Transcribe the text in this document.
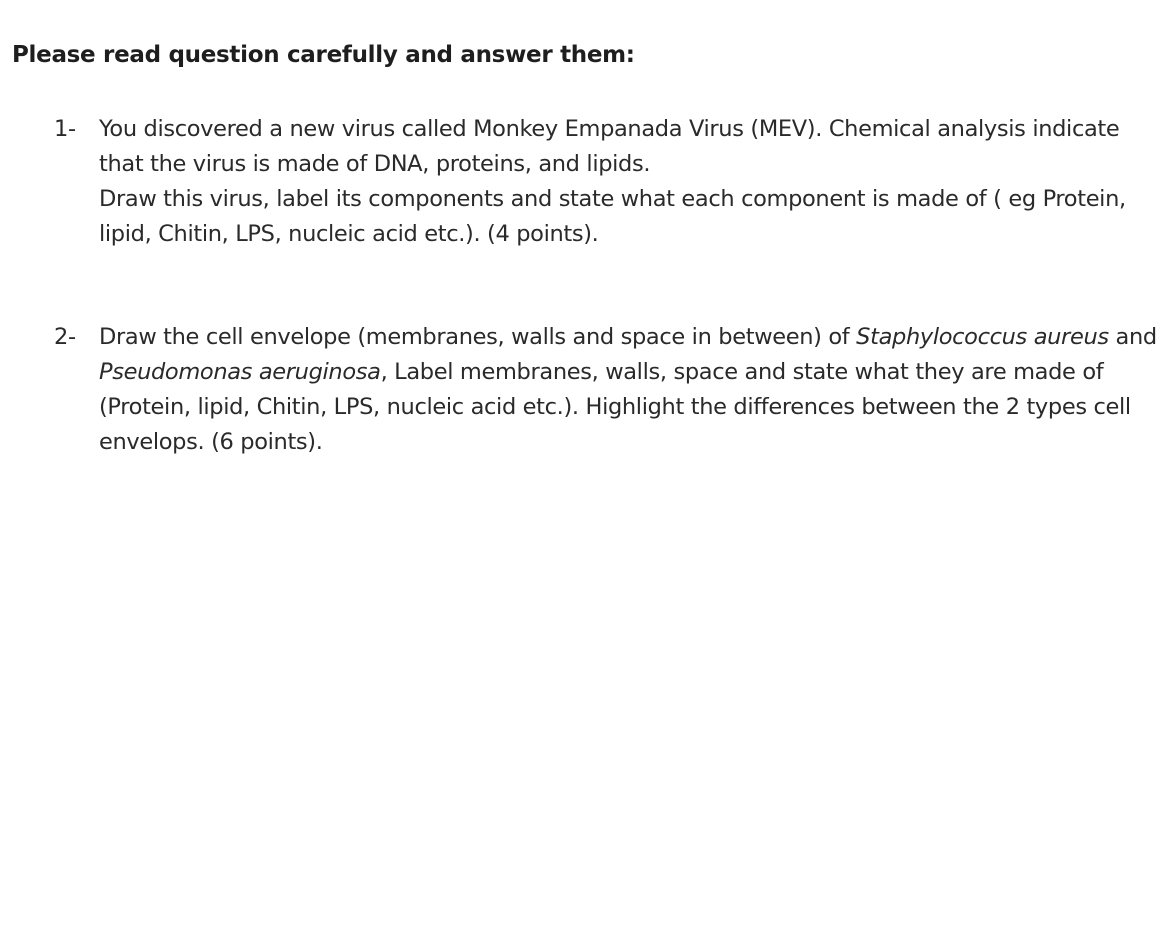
Please read question carefully and answer them:
1-	You discovered a new virus called Monkey Empanada Virus (MEV). Chemical analysis indicate that the virus is made of DNA, proteins, and lipids.

Draw this virus, label its components and state what each component is made of ( eg Protein, lipid, Chitin, LPS, nucleic acid etc.). (4 points).

2-	Draw the cell envelope (membranes, walls and space in between) of Staphylococcus aureus and Pseudomonas aeruginosa, Label membranes, walls, space and state what they are made of (Protein, lipid, Chitin, LPS, nucleic acid etc.). Highlight the differences between the 2 types cell envelops. (6 points).
